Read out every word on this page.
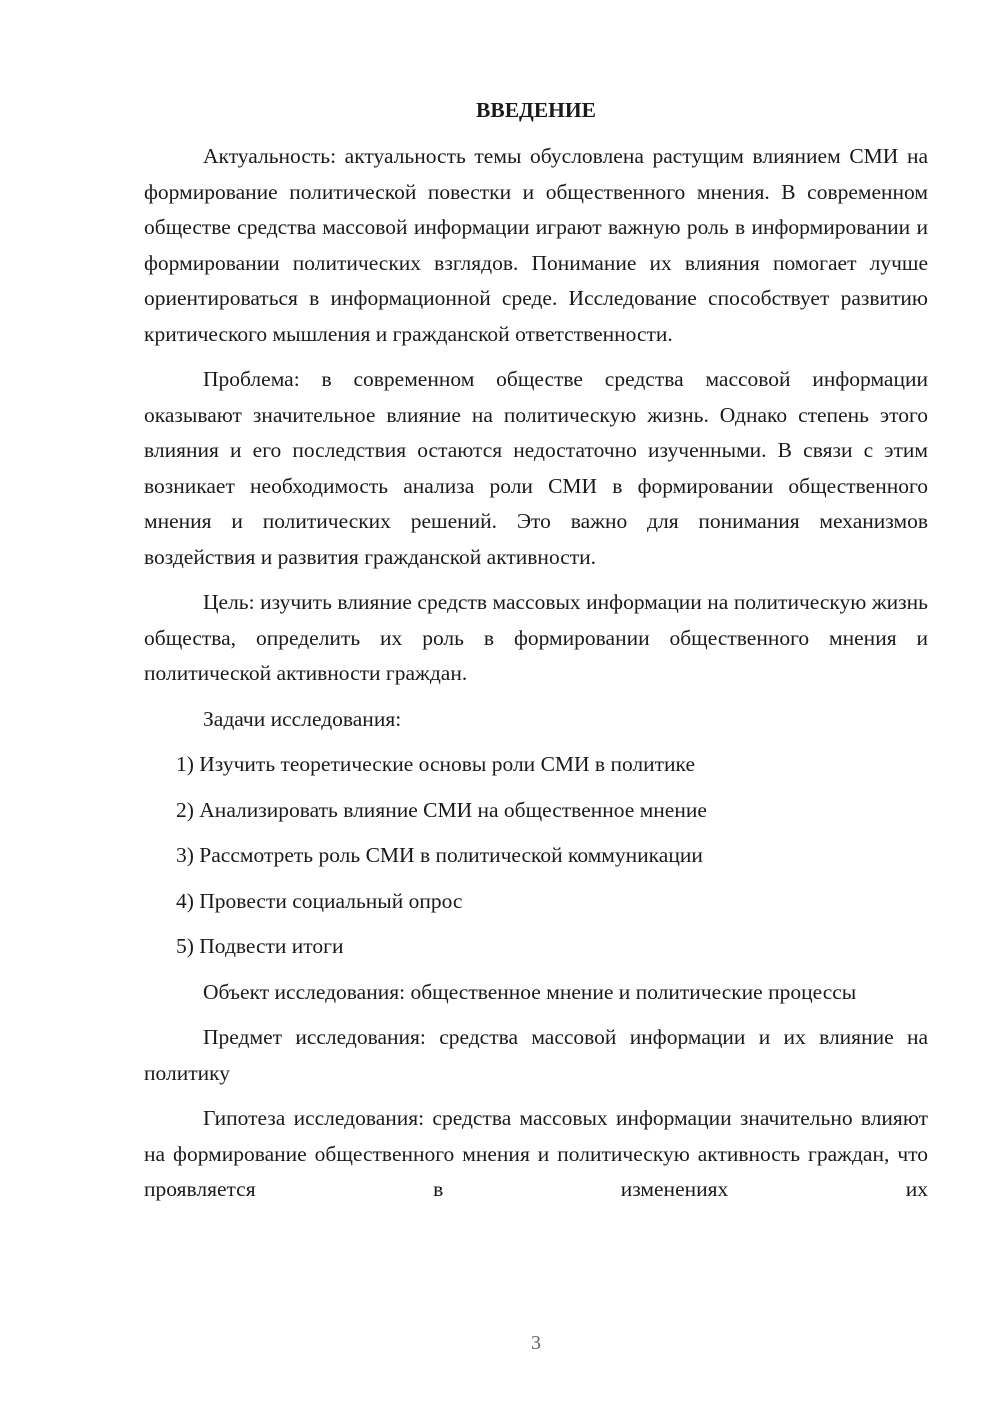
ВВЕДЕНИЕ

Актуальность: актуальность темы обусловлена растущим влиянием СМИ на формирование политической повестки и общественного мнения. В современном обществе средства массовой информации играют важную роль в информировании и формировании политических взглядов. Понимание их влияния помогает лучше ориентироваться в информационной среде. Исследование способствует развитию критического мышления и гражданской ответственности.

Проблема: в современном обществе средства массовой информации оказывают значительное влияние на политическую жизнь. Однако степень этого влияния и его последствия остаются недостаточно изученными. В связи с этим возникает необходимость анализа роли СМИ в формировании общественного мнения и политических решений. Это важно для понимания механизмов воздействия и развития гражданской активности.

Цель: изучить влияние средств массовых информации на политическую жизнь общества, определить их роль в формировании общественного мнения и политической активности граждан.

Задачи исследования:

1) Изучить теоретические основы роли СМИ в политике
2) Анализировать влияние СМИ на общественное мнение
3) Рассмотреть роль СМИ в политической коммуникации
4) Провести социальный опрос
5) Подвести итоги

Объект исследования: общественное мнение и политические процессы

Предмет исследования: средства массовой информации и их влияние на политику

Гипотеза исследования: средства массовых информации значительно влияют на формирование общественного мнения и политическую активность граждан, что проявляется в изменениях их

3
